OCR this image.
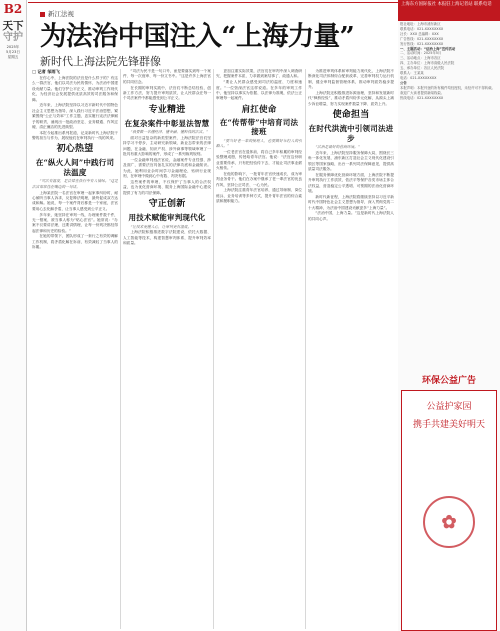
B2
天下
守护
2025年
5月23日
星期五
新江法视
为法治中国注入“上海力量”
新时代上海法院先锋群像
□ 记者 邹雨飞

在你心中，上海法院的法官是什么样子的？有这么一群法官，他们以司法为民的情怀，为法治中国建设贡献力量。他们守护公平正义，推动审判工作现代化，为经济社会发展提供优质高效的司法服务和保障。

近年来，上海法院坚持以习近平新时代中国特色社会主义思想为指导，深入践行习近平法治思想，紧紧围绕“公正与效率”工作主题，忠实履行宪法法律赋予的职责，涌现出一批政治坚定、业务精通、作风过硬、清正廉洁的先进典型。

本报今起推出系列报道，记录新时代上海法院干警的担当与作为，展现他们在审判执行一线的风采。

初心热望
在“纵火人间”中践行司法温度

“司法有温度，是法律在执行中有人情味。”这是法官常常挂在嘴边的一句话。

上海某法院一名法官在审理一起家事纠纷时，耐心倾听当事人诉求，反复释法明理，最终促成双方达成和解。她说，每一个案件背后都是一个家庭，法官要用心去化解矛盾，让当事人感受到公平正义。

多年来，她坚持在审判一线，办理案件数千件，无一错案，被当事人称为“贴心法官”。她常说：“办案不仅要讲法理，还要讲情理，让每一份判决都经得起法律和历史的检验。”

在她的带领下，团队形成了一套行之有效的调解工作机制，将矛盾化解在诉前，有效减轻了当事人的诉累。

“司法为民不是一句口号，而是要落实到每一个案件、每一次庭审、每一份文书中。”这是许多上海法官的共同信念。

在长期的审判实践中，法官们不断总结经验，创新工作方法，努力提升审判质效，让人民群众在每一个司法案件中都能感受到公平正义。

专业精进
在复杂案件中彰显法智慧

“我要做一名懂经济、懂金融、懂科技的法官。”

面对日益复杂的新类型案件，上海法院法官们坚持学习不停步，主动研究新领域、新业态带来的法律问题，在金融、知识产权、涉外商事等领域审理了一批具有重大影响的案件，形成了一系列裁判规则。

一位金融审判庭法官说，金融案件专业性强、涉及面广，需要法官具备扎实的法律功底和金融知识。为此，她利用业余时间学习金融理论，钻研行业规则，在审理中做到心中有数、判决有据。

这些案件的审理，不仅保护了当事人的合法权益，也为优化营商环境、服务上海国际金融中心建设提供了有力的司法保障。

守正创新
用技术赋能审判现代化

“让技术更懂人心，让审判更有温度。”

上海法院积极推进数字法院建设，依托大数据、人工智能等技术，构建智慧审判体系，提升审判效率和质量。

更加注重实际效果，法官们在审判中深入调查研究，把握案件本质，力求做到案结事了、政通人和。

“要让人民群众感受到司法的温度、力度和速度。”一位资深法官这样说道。在多年的审判工作中，他坚持以事实为依据、以法律为准绳，依法公正审理每一起案件。

肩扛使命
在“传帮带”中培育司法接班

“要当好老一辈的接班人，也要做好年轻人的引路人。”

一位老法官在退休前，将自己多年积累的审判经验整理成册，传授给青年法官。他说：“法官这份职业需要传承，只有把经验传下去，才能让司法事业薪火相传。”

在他的影响下，一批青年法官快速成长，成为审判业务骨干。他们在办案中继承了老一辈法官的优良作风，坚持公正司法、一心为民。

上海法院注重青年法官培养，通过导师制、岗位练兵、业务培训等多种方式，提升青年法官的综合素质和履职能力。

为推进审判体系和审判能力现代化，上海法院不断深化司法体制综合配套改革，完善审判权力运行机制，健全审判监督管理体系，推动审判质效稳步提升。

上海法院还积极推进诉源治理，坚持和发展新时代“枫桥经验”，推动矛盾纠纷多元化解，从源头上减少诉讼增量，努力实现案件数量下降、质效上升。

使命担当
在时代洪流中引领司法进步

“法治是最好的营商环境。”

近年来，上海法院坚持服务保障大局，围绕长三角一体化发展、浦东新区打造社会主义现代化建设引领区等国家战略，出台一系列司法保障意见，提供高质量司法服务。

在服务保障优化营商环境方面，上海法院不断提升审判执行工作质效，依法平等保护各类市场主体合法权益，营造稳定公平透明、可预期的法治化营商环境。

新时代新征程，上海法院将继续坚持以习近平新时代中国特色社会主义思想为指导，深入贯彻党的二十大精神，为法治中国建设贡献更多“上海力量”。

“法治中国，上海力量。”这是新时代上海法院人的共同心声。

上海东方国际报社 本报驻上海记者站 联系电话
报社地址：上海市浦东新区
联系电话：021-XXXXXXXX
社长：XXX 总编辑：XXX
广告热线：021-XXXXXXXX
发行热线：021-XXXXXXXX
一、主题活动：“法治上海”宣传活动
二、活动时间：2025年5月
三、活动地点：上海市各区
四、主办单位：上海市高级人民法院
五、承办单位：各区人民法院
联系人：王某某
电话：021-XXXXXXXX
公告
本报声明：本报刊登的所有稿件均经授权，未经许可不得转载。
欢迎广大读者提供新闻线索。
热线电话：021-XXXXXXXX
环保公益广告
公益护家园
携手共建美好明天
✿
